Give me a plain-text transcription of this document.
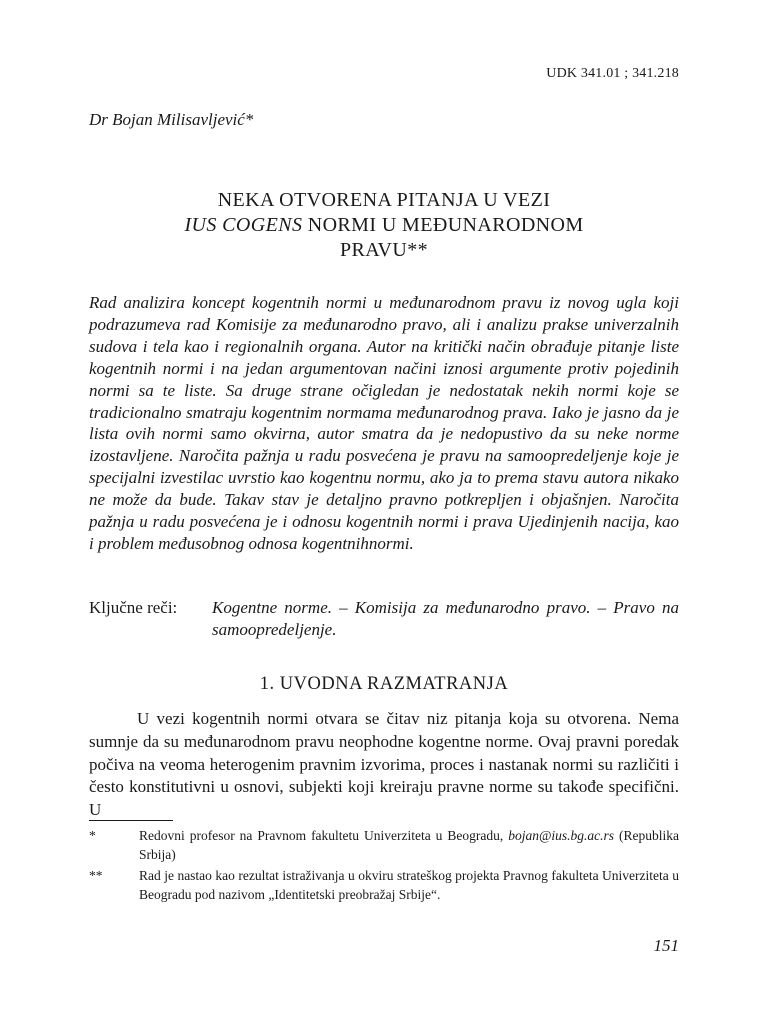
UDK 341.01 ; 341.218
Dr Bojan Milisavljević*
NEKA OTVORENA PITANJA U VEZI
IUS COGENS NORMI U MEĐUNARODNOM
PRAVU**

Rad analizira koncept kogentnih normi u međunarodnom pravu iz novog ugla koji podrazumeva rad Komisije za međunarodno pravo, ali i analizu prakse univerzalnih sudova i tela kao i regionalnih organa. Autor na kritički način obrađuje pitanje liste kogentnih normi i na jedan argumentovan načini iznosi argumente protiv pojedinih normi sa te liste. Sa druge strane očigledan je nedostatak nekih normi koje se tradicionalno smatraju kogentnim normama međunarodnog prava. Iako je jasno da je lista ovih normi samo okvirna, autor smatra da je nedopustivo da su neke norme izostavljene. Naročita pažnja u radu posvećena je pravu na samoopredeljenje koje je specijalni izvestilac uvrstio kao kogentnu normu, ako ja to prema stavu autora nikako ne može da bude. Takav stav je detaljno pravno potkrepljen i objašnjen. Naročita pažnja u radu posvećena je i odnosu kogentnih normi i prava Ujedinjenih nacija, kao i problem međusobnog odnosa kogentnihnormi.

Ključne reči:	Kogentne norme. – Komisija za međunarodno pravo. – Pravo na samoopredeljenje.
1. UVODNA RAZMATRANJA

U vezi kogentnih normi otvara se čitav niz pitanja koja su otvorena. Nema sumnje da su međunarodnom pravu neophodne kogentne norme. Ovaj pravni poredak počiva na veoma heterogenim pravnim izvorima, proces i nastanak normi su različiti i često konstitutivni u osnovi, subjekti koji kreiraju pravne norme su takođe specifični. U

*	Redovni profesor na Pravnom fakultetu Univerziteta u Beogradu, bojan@ius.bg.ac.rs (Republika Srbija)
**	Rad je nastao kao rezultat istraživanja u okviru strateškog projekta Pravnog fakulteta Univerziteta u Beogradu pod nazivom „Identitetski preobražaj Srbije“.
151
